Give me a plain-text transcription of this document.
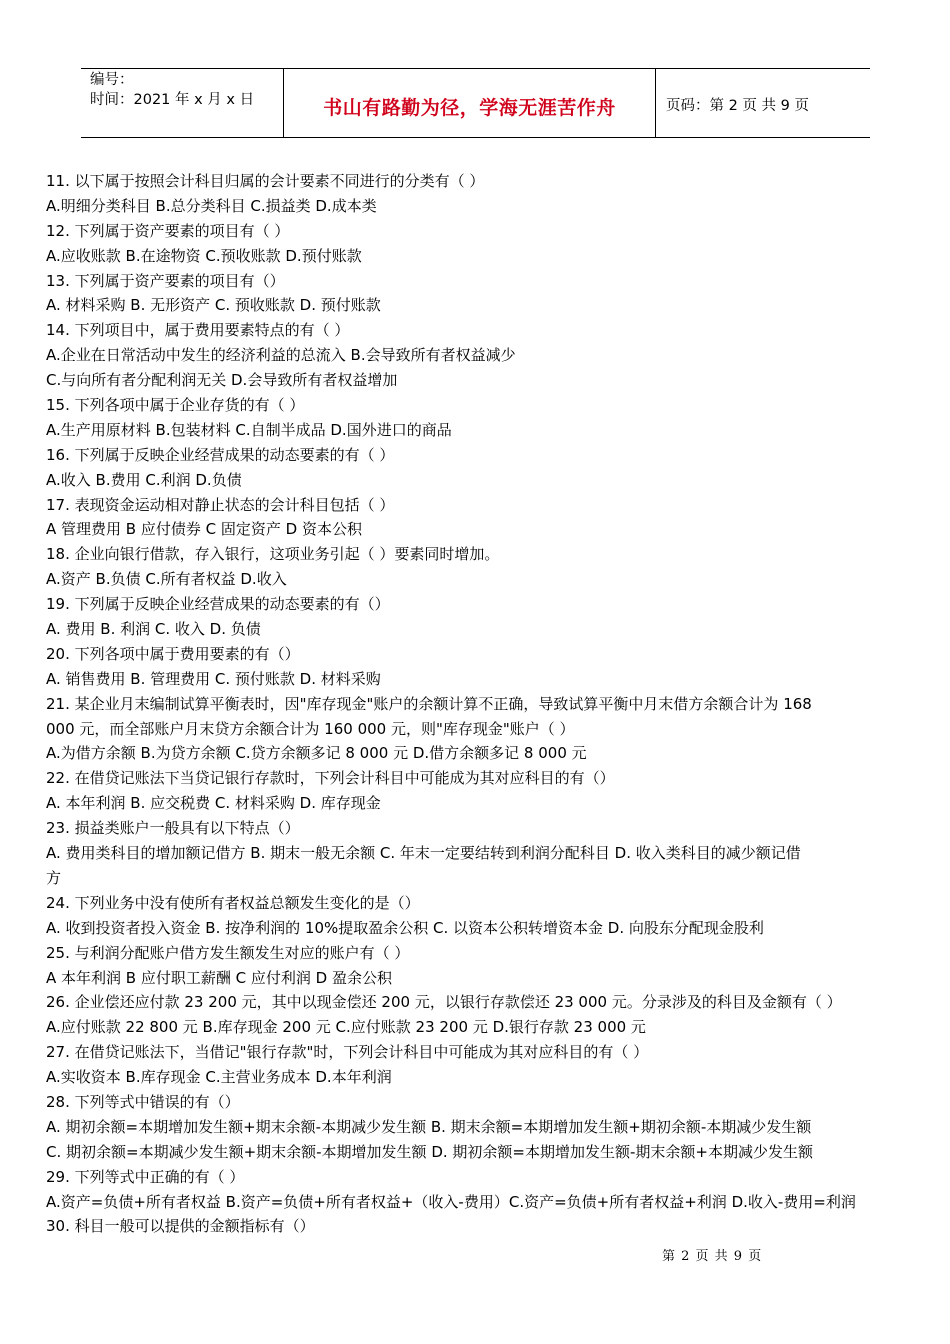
编号：
时间：2021 年 x 月 x 日	书山有路勤为径，学海无涯苦作舟	页码：第 2 页 共 9 页
11. 以下属于按照会计科目归属的会计要素不同进行的分类有（ ）
A.明细分类科目 B.总分类科目 C.损益类 D.成本类
12. 下列属于资产要素的项目有（ ）
A.应收账款 B.在途物资 C.预收账款 D.预付账款
13. 下列属于资产要素的项目有（）
A. 材料采购 B. 无形资产 C. 预收账款 D. 预付账款
14. 下列项目中，属于费用要素特点的有（ ）
A.企业在日常活动中发生的经济利益的总流入 B.会导致所有者权益减少
C.与向所有者分配利润无关 D.会导致所有者权益增加
15. 下列各项中属于企业存货的有（ ）
A.生产用原材料 B.包装材料 C.自制半成品 D.国外进口的商品
16. 下列属于反映企业经营成果的动态要素的有（ ）
A.收入 B.费用 C.利润 D.负债
17. 表现资金运动相对静止状态的会计科目包括（ ）
A 管理费用 B 应付债券 C 固定资产 D 资本公积
18. 企业向银行借款，存入银行，这项业务引起（ ）要素同时增加。
A.资产 B.负债 C.所有者权益 D.收入
19. 下列属于反映企业经营成果的动态要素的有（）
A. 费用 B. 利润 C. 收入 D. 负债
20. 下列各项中属于费用要素的有（）
A. 销售费用 B. 管理费用 C. 预付账款 D. 材料采购
21. 某企业月末编制试算平衡表时，因"库存现金"账户的余额计算不正确，导致试算平衡中月末借方余额合计为 168
000 元，而全部账户月末贷方余额合计为 160 000 元，则"库存现金"账户（ ）
A.为借方余额 B.为贷方余额 C.贷方余额多记 8 000 元 D.借方余额多记 8 000 元
22. 在借贷记账法下当贷记银行存款时，下列会计科目中可能成为其对应科目的有（）
A. 本年利润 B. 应交税费 C. 材料采购 D. 库存现金
23. 损益类账户一般具有以下特点（）
A. 费用类科目的增加额记借方 B. 期末一般无余额 C. 年末一定要结转到利润分配科目 D. 收入类科目的减少额记借
方
24. 下列业务中没有使所有者权益总额发生变化的是（）
A. 收到投资者投入资金 B. 按净利润的 10%提取盈余公积 C. 以资本公积转增资本金 D. 向股东分配现金股利
25. 与利润分配账户借方发生额发生对应的账户有（ ）
A 本年利润 B 应付职工薪酬 C 应付利润 D 盈余公积
26. 企业偿还应付款 23 200 元，其中以现金偿还 200 元，以银行存款偿还 23 000 元。分录涉及的科目及金额有（ ）
A.应付账款 22 800 元 B.库存现金 200 元 C.应付账款 23 200 元 D.银行存款 23 000 元
27. 在借贷记账法下，当借记"银行存款"时，下列会计科目中可能成为其对应科目的有（ ）
A.实收资本 B.库存现金 C.主营业务成本 D.本年利润
28. 下列等式中错误的有（）
A. 期初余额=本期增加发生额+期末余额-本期减少发生额 B. 期末余额=本期增加发生额+期初余额-本期减少发生额
C. 期初余额=本期减少发生额+期末余额-本期增加发生额 D. 期初余额=本期增加发生额-期末余额+本期减少发生额
29. 下列等式中正确的有（ ）
A.资产=负债+所有者权益 B.资产=负债+所有者权益+（收入-费用）C.资产=负债+所有者权益+利润 D.收入-费用=利润
30. 科目一般可以提供的金额指标有（）
第 2 页 共 9 页
